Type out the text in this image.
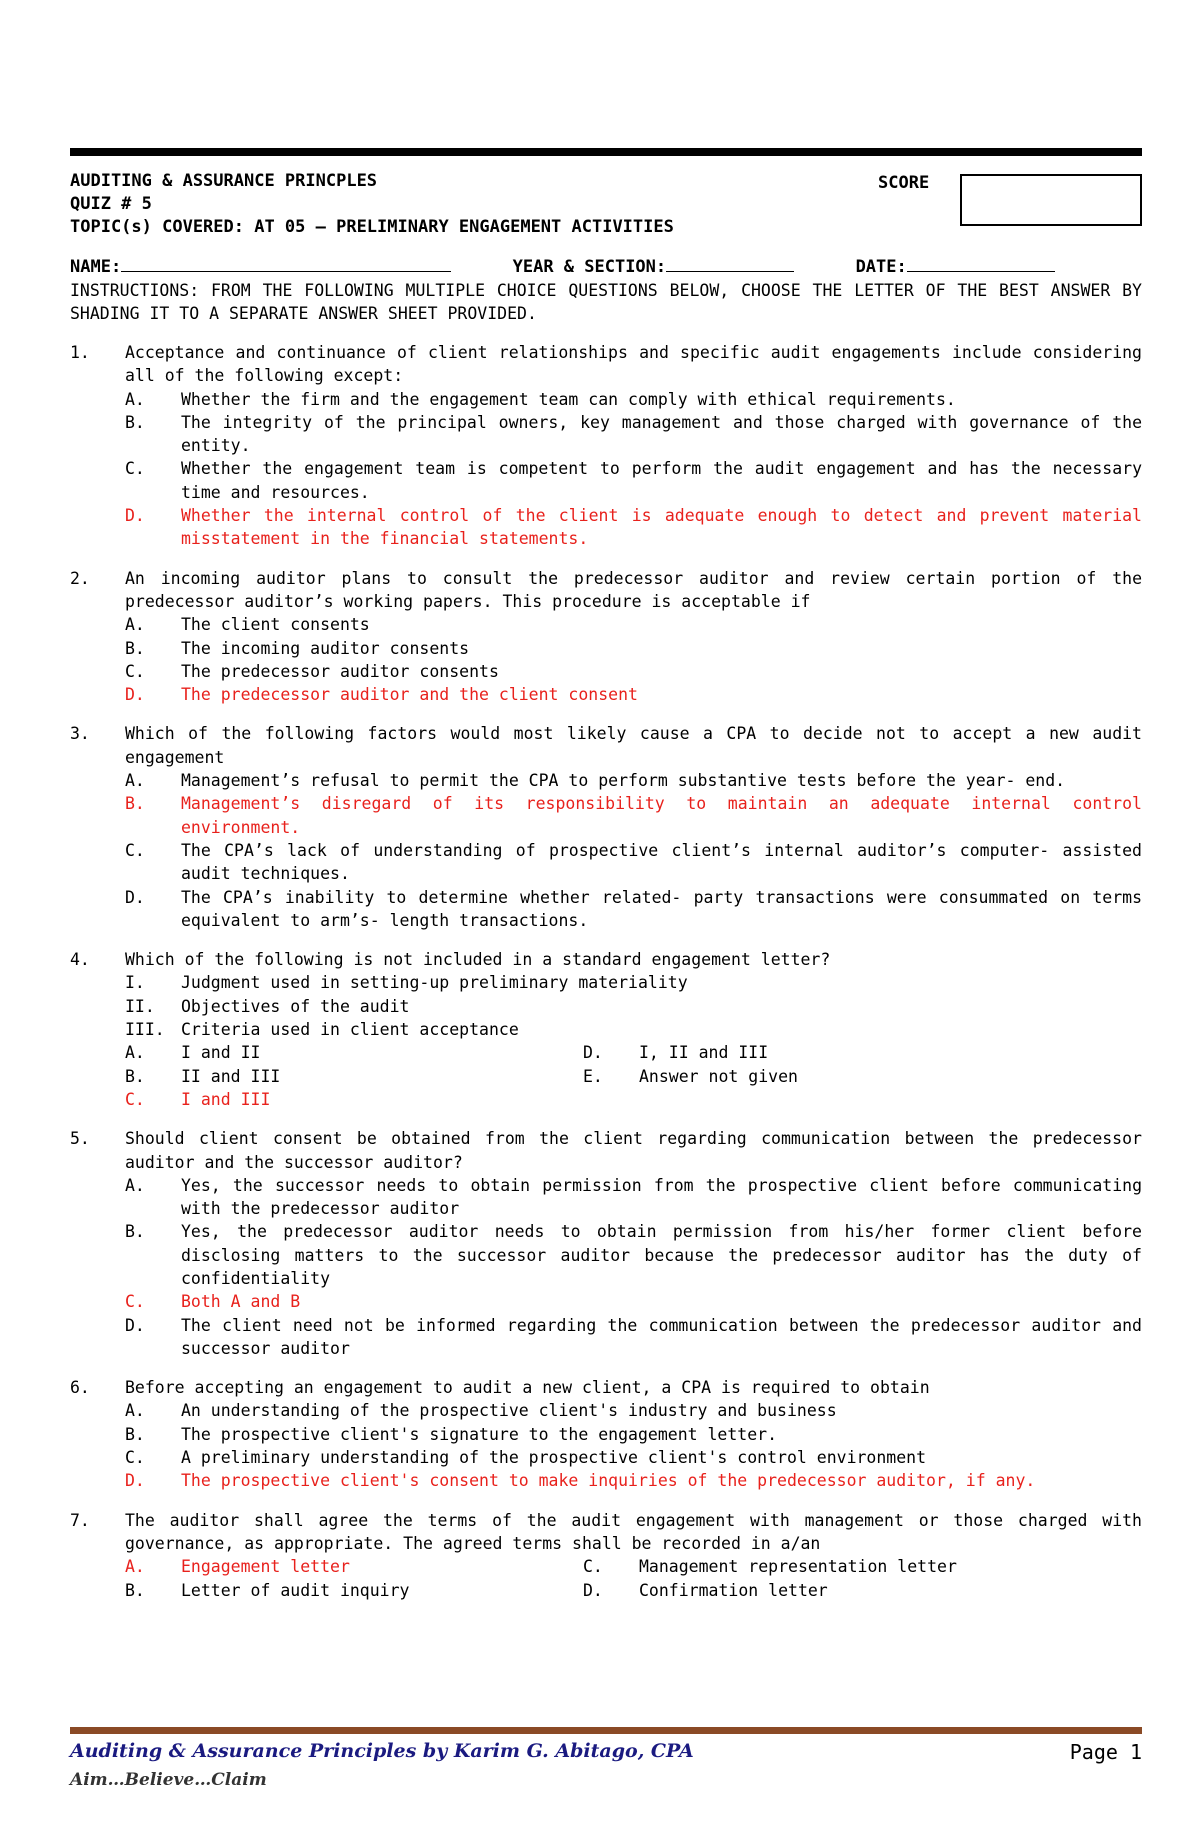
AUDITING & ASSURANCE PRINCPLES
QUIZ # 5
TOPIC(s) COVERED: AT 05 – PRELIMINARY ENGAGEMENT ACTIVITIES
SCORE
NAME:	YEAR & SECTION:	DATE:
INSTRUCTIONS: FROM THE FOLLOWING MULTIPLE CHOICE QUESTIONS BELOW, CHOOSE THE LETTER OF THE BEST ANSWER BY SHADING IT TO A SEPARATE ANSWER SHEET PROVIDED.
1.	Acceptance and continuance of client relationships and specific audit engagements include considering all of the following except:
A.	Whether the firm and the engagement team can comply with ethical requirements.
B.	The integrity of the principal owners, key management and those charged with governance of the entity.
C.	Whether the engagement team is competent to perform the audit engagement and has the necessary time and resources.
D.	Whether the internal control of the client is adequate enough to detect and prevent material misstatement in the financial statements.
2.	An incoming auditor plans to consult the predecessor auditor and review certain portion of the predecessor auditor’s working papers. This procedure is acceptable if
A.	The client consents
B.	The incoming auditor consents
C.	The predecessor auditor consents
D.	The predecessor auditor and the client consent
3.	Which of the following factors would most likely cause a CPA to decide not to accept a new audit engagement
A.	Management’s refusal to permit the CPA to perform substantive tests before the year- end.
B.	Management’s disregard of its responsibility to maintain an adequate internal control environment.
C.	The CPA’s lack of understanding of prospective client’s internal auditor’s computer- assisted audit techniques.
D.	The CPA’s inability to determine whether related- party transactions were consummated on terms equivalent to arm’s- length transactions.
4.	Which of the following is not included in a standard engagement letter?
I.	Judgment used in setting-up preliminary materiality
II.	Objectives of the audit
III. Criteria used in client acceptance
A.	I and II	D.	I, II and III
B.	II and III	E.	Answer not given
C.	I and III
5.	Should client consent be obtained from the client regarding communication between the predecessor auditor and the successor auditor?
A.	Yes, the successor needs to obtain permission from the prospective client before communicating with the predecessor auditor
B.	Yes, the predecessor auditor needs to obtain permission from his/her former client before disclosing matters to the successor auditor because the predecessor auditor has the duty of confidentiality
C.	Both A and B
D.	The client need not be informed regarding the communication between the predecessor auditor and successor auditor
6.	Before accepting an engagement to audit a new client, a CPA is required to obtain
A.	An understanding of the prospective client's industry and business
B.	The prospective client's signature to the engagement letter.
C.	A preliminary understanding of the prospective client's control environment
D.	The prospective client's consent to make inquiries of the predecessor auditor, if any.
7.	The auditor shall agree the terms of the audit engagement with management or those charged with governance, as appropriate. The agreed terms shall be recorded in a/an
A.	Engagement letter	C.	Management representation letter
B.	Letter of audit inquiry	D.	Confirmation letter
Auditing & Assurance Principles by Karim G. Abitago, CPA	Page 1
Aim…Believe…Claim
